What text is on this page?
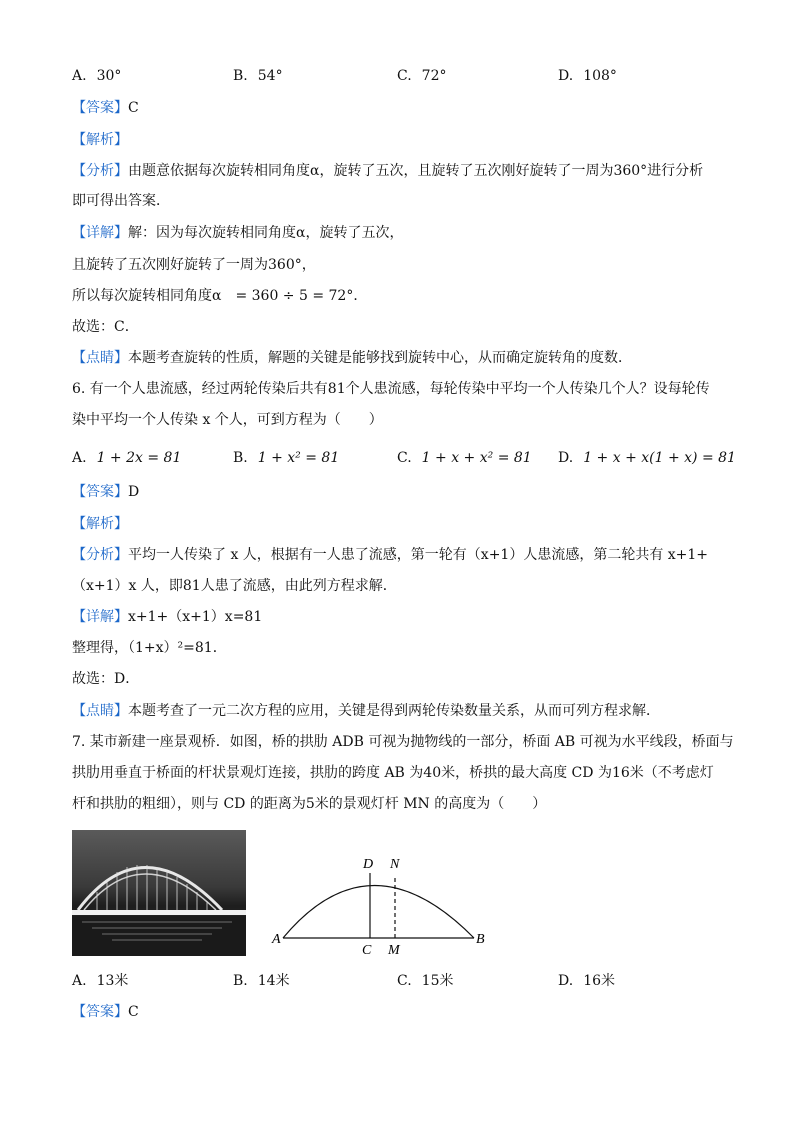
A. 30°	B. 54°	C. 72°	D. 108°
【答案】C
【解析】
【分析】由题意依据每次旋转相同角度α，旋转了五次，且旋转了五次刚好旋转了一周为360°进行分析
即可得出答案．
【详解】解：因为每次旋转相同角度α，旋转了五次，
且旋转了五次刚好旋转了一周为360°，
所以每次旋转相同角度α　= 360 ÷ 5 = 72°．
故选：C．
【点睛】本题考查旋转的性质，解题的关键是能够找到旋转中心，从而确定旋转角的度数．
6. 有一个人患流感，经过两轮传染后共有81个人患流感，每轮传染中平均一个人传染几个人？设每轮传
染中平均一个人传染 x 个人，可到方程为（　　）
A. 1 + 2x = 81	B. 1 + x² = 81	C. 1 + x + x² = 81 D. 1 + x + x(1 + x) = 81
【答案】D
【解析】
【分析】平均一人传染了 x 人，根据有一人患了流感，第一轮有（x+1）人患流感，第二轮共有 x+1+
（x+1）x 人，即81人患了流感，由此列方程求解．
【详解】x+1+（x+1）x=81
整理得，（1+x）²=81．
故选：D．
【点睛】本题考查了一元二次方程的应用，关键是得到两轮传染数量关系，从而可列方程求解．
7. 某市新建一座景观桥．如图，桥的拱肋 ADB 可视为抛物线的一部分，桥面 AB 可视为水平线段，桥面与
拱肋用垂直于桥面的杆状景观灯连接，拱肋的跨度 AB 为40米，桥拱的最大高度 CD 为16米（不考虑灯
杆和拱肋的粗细），则与 CD 的距离为5米的景观灯杆 MN 的高度为（　　）
D N
A	B
C M
A. 13米	B. 14米	C. 15米	D. 16米
【答案】C
